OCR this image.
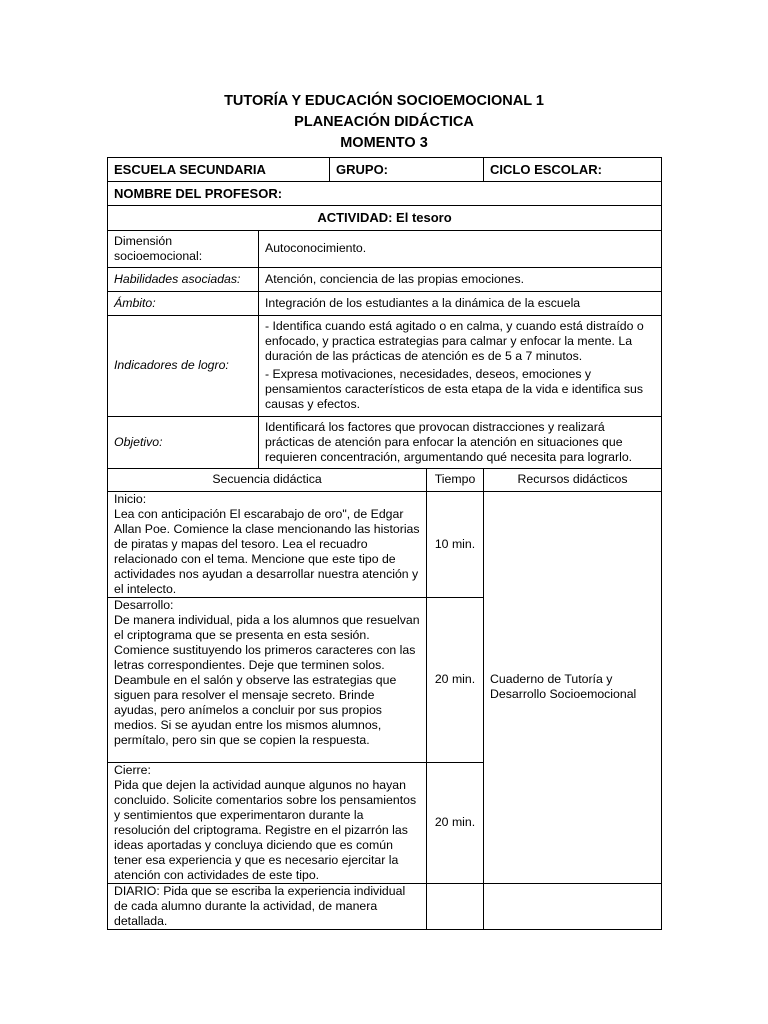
TUTORÍA Y EDUCACIÓN SOCIOEMOCIONAL 1
PLANEACIÓN DIDÁCTICA
MOMENTO 3
ESCUELA SECUNDARIA		GRUPO:		CICLO ESCOLAR:
NOMBRE DEL PROFESOR:				
ACTIVIDAD: El tesoro				
Dimensión socioemocional:	Autoconocimiento.			
Habilidades asociadas:	Atención, conciencia de las propias emociones.			
Ámbito:	Integración de los estudiantes a la dinámica de la escuela			
Indicadores de logro:	- Identifica cuando está agitado o en calma, y cuando está distraído o enfocado, y practica estrategias para calmar y enfocar la mente. La duración de las prácticas de atención es de 5 a 7 minutos.
- Expresa motivaciones, necesidades, deseos, emociones y pensamientos característicos de esta etapa de la vida e identifica sus causas y efectos.			

Objetivo:	Identificará los factores que provocan distracciones y realizará prácticas de atención para enfocar la atención en situaciones que requieren concentración, argumentando qué necesita para lograrlo.			
Secuencia didáctica			Tiempo	Recursos didácticos

Inicio:
Lea con anticipación El escarabajo de oro", de Edgar Allan Poe. Comience la clase mencionando las historias de piratas y mapas del tesoro. Lea el recuadro relacionado con el tema. Mencione que este tipo de actividades nos ayudan a desarrollar nuestra atención y el intelecto.			10 min.	Cuaderno de Tutoría y Desarrollo Socioemocional

Desarrollo:
De manera individual, pida a los alumnos que resuelvan el criptograma que se presenta en esta sesión. Comience sustituyendo los primeros caracteres con las letras correspondientes. Deje que terminen solos. Deambule en el salón y observe las estrategias que siguen para resolver el mensaje secreto. Brinde ayudas, pero anímelos a concluir por sus propios medios. Si se ayudan entre los mismos alumnos, permítalo, pero sin que se copien la respuesta.			20 min.	

Cierre:
Pida que dejen la actividad aunque algunos no hayan concluido. Solicite comentarios sobre los pensamientos y sentimientos que experimentaron durante la resolución del criptograma. Registre en el pizarrón las ideas aportadas y concluya diciendo que es común tener esa experiencia y que es necesario ejercitar la atención con actividades de este tipo.			20 min.	
DIARIO: Pida que se escriba la experiencia individual de cada alumno durante la actividad, de manera detallada.				
